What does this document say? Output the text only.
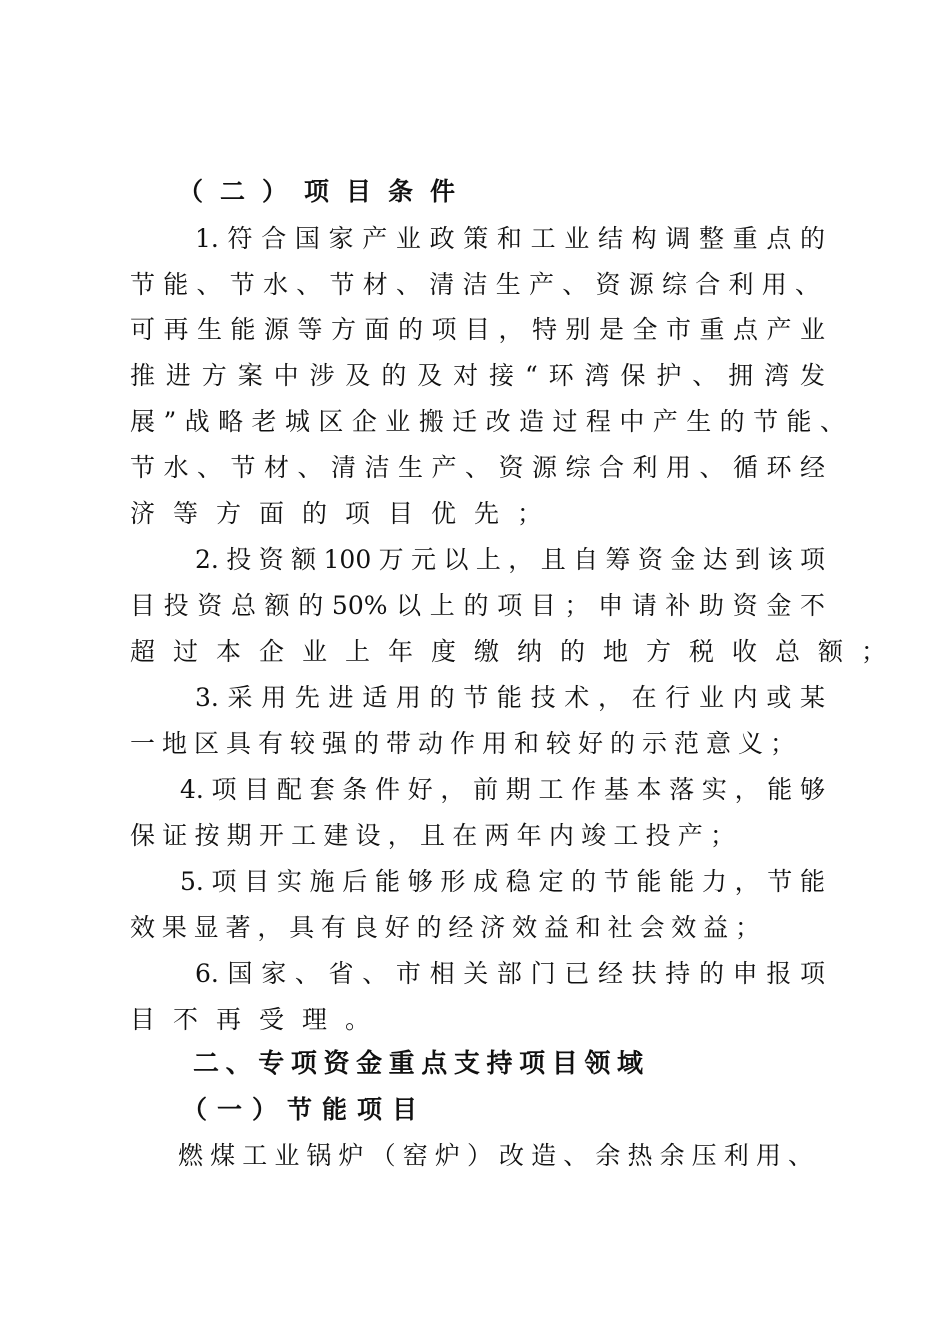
（二）项目条件
1.符合国家产业政策和工业结构调整重点的
节能、节水、节材、清洁生产、资源综合利用、
可再生能源等方面的项目，特别是全市重点产业
推进方案中涉及的及对接“环湾保护、拥湾发
展”战略老城区企业搬迁改造过程中产生的节能、
节水、节材、清洁生产、资源综合利用、循环经
济等方面的项目优先；
2.投资额100万元以上，且自筹资金达到该项
目投资总额的50%以上的项目；申请补助资金不
超过本企业上年度缴纳的地方税收总额；
3.采用先进适用的节能技术，在行业内或某
一地区具有较强的带动作用和较好的示范意义；
4.项目配套条件好，前期工作基本落实，能够
保证按期开工建设，且在两年内竣工投产；
5.项目实施后能够形成稳定的节能能力，节能
效果显著，具有良好的经济效益和社会效益；
6.国家、省、市相关部门已经扶持的申报项
目不再受理。
二、专项资金重点支持项目领域
（一）节能项目
燃煤工业锅炉（窑炉）改造、余热余压利用、
